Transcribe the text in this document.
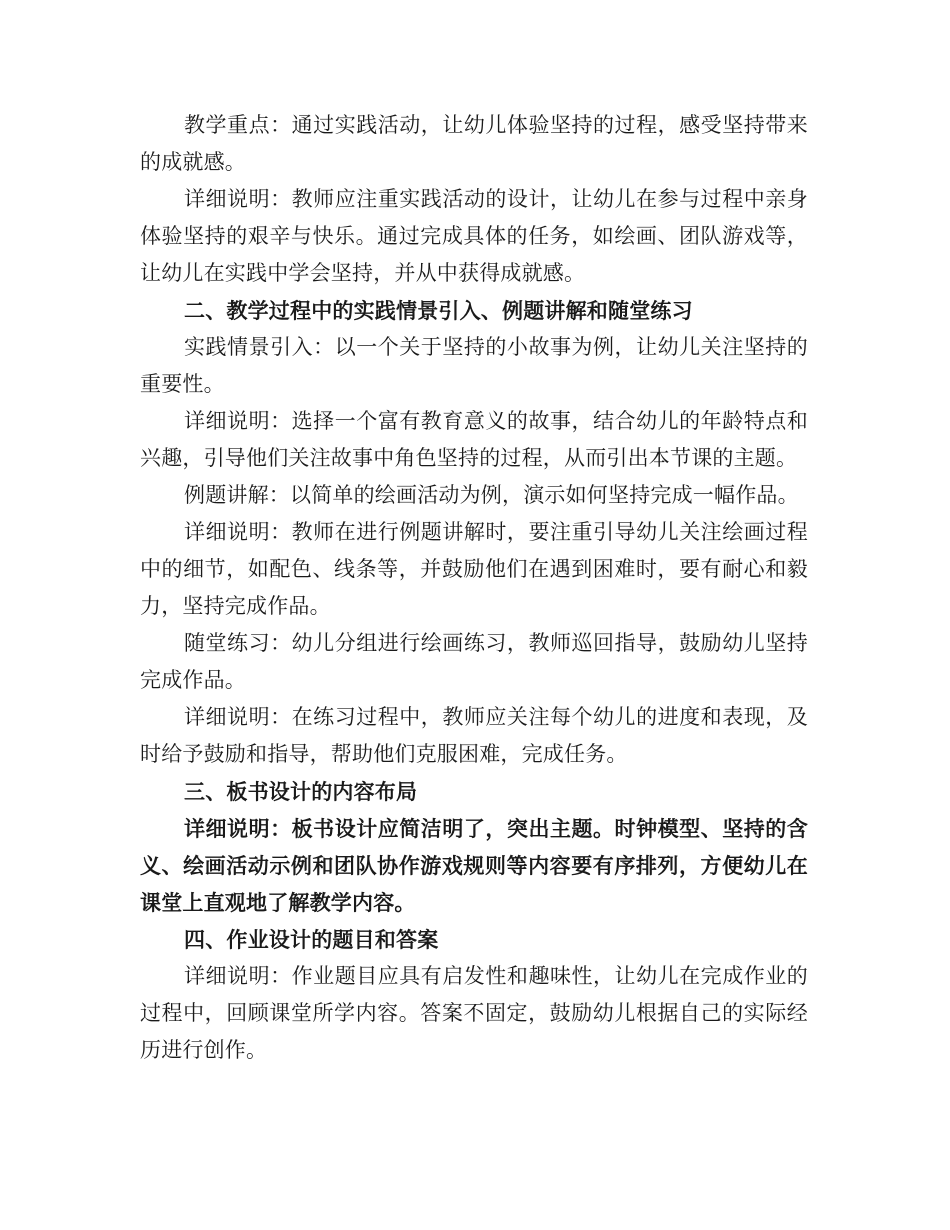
教学重点：通过实践活动，让幼儿体验坚持的过程，感受坚持带来的成就感。

详细说明：教师应注重实践活动的设计，让幼儿在参与过程中亲身体验坚持的艰辛与快乐。通过完成具体的任务，如绘画、团队游戏等，让幼儿在实践中学会坚持，并从中获得成就感。

二、教学过程中的实践情景引入、例题讲解和随堂练习

实践情景引入：以一个关于坚持的小故事为例，让幼儿关注坚持的重要性。

详细说明：选择一个富有教育意义的故事，结合幼儿的年龄特点和兴趣，引导他们关注故事中角色坚持的过程，从而引出本节课的主题。

例题讲解：以简单的绘画活动为例，演示如何坚持完成一幅作品。

详细说明：教师在进行例题讲解时，要注重引导幼儿关注绘画过程中的细节，如配色、线条等，并鼓励他们在遇到困难时，要有耐心和毅力，坚持完成作品。

随堂练习：幼儿分组进行绘画练习，教师巡回指导，鼓励幼儿坚持完成作品。

详细说明：在练习过程中，教师应关注每个幼儿的进度和表现，及时给予鼓励和指导，帮助他们克服困难，完成任务。

三、板书设计的内容布局

详细说明：板书设计应简洁明了，突出主题。时钟模型、坚持的含义、绘画活动示例和团队协作游戏规则等内容要有序排列，方便幼儿在课堂上直观地了解教学内容。

四、作业设计的题目和答案

详细说明：作业题目应具有启发性和趣味性，让幼儿在完成作业的过程中，回顾课堂所学内容。答案不固定，鼓励幼儿根据自己的实际经历进行创作。
